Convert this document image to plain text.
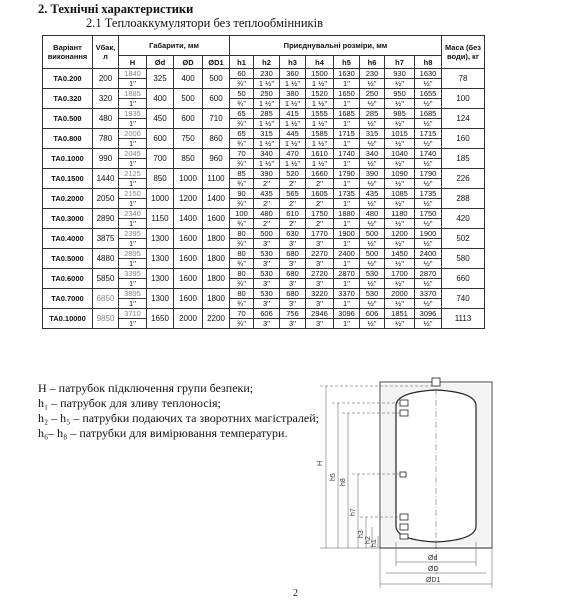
2. Технічні характеристики
2.1 Теплоаккумулятори без теплообмінників
Варіант виконання	Vбак, л	Габарити, мм				Приєднувальні розміри, мм								Маса (без води), кг
		H	Ød	ØD	ØD1	h1	h2	h3	h4	h5	h6	h7	h8	
TA0.200	200	1840	325	400	500	60	230	360	1500	1630	230	930	1630	78
		1''				¾''	1 ½''	1 ½''	1 ½''	1''	½''	½''	½''	
TA0.320	320	1885	400	500	600	50	250	380	1520	1650	250	950	1655	100
		1''				¾''	1 ½''	1 ½''	1 ½''	1''	½''	½''	½''	
TA0.500	480	1935	450	600	710	65	285	415	1555	1685	285	985	1685	124
		1''				¾''	1 ½''	1 ½''	1 ½''	1''	½''	½''	½''	
TA0.800	780	2000	600	750	860	65	315	445	1585	1715	315	1015	1715	160
		1''				¾''	1 ½''	1 ½''	1 ½''	1''	½''	½''	½''	
TA0.1000	990	2045	700	850	960	70	340	470	1610	1740	340	1040	1740	185
		1''				¾''	1 ½''	1 ½''	1 ½''	1''	½''	½''	½''	
TA0.1500	1440	2125	850	1000	1100	85	390	520	1660	1790	390	1090	1790	226
		1''				¾''	2''	2''	2''	1''	½''	½''	½''	
TA0.2000	2050	2150	1000	1200	1400	90	435	565	1605	1735	435	1085	1735	288
		1''				¾''	2''	2''	2''	1''	½''	½''	½''	
TA0.3000	2890	2340	1150	1400	1600	100	480	610	1750	1880	480	1180	1750	420
		1''				¾''	2''	2''	2''	1''	½''	½''	½''	
TA0.4000	3875	2395	1300	1600	1800	80	500	630	1770	1900	500	1200	1900	502
		1''				¾''	3''	3''	3''	1''	½''	½''	½''	
TA0.5000	4880	2895	1300	1600	1800	80	530	680	2270	2400	500	1450	2400	580
		1''				¾''	3''	3''	3''	1''	½''	½''	½''	
TA0.6000	5850	3395	1300	1600	1800	80	530	680	2720	2870	530	1700	2870	660
		1''				¾''	3''	3''	3''	1''	½''	½''	½''	
TA0.7000	6850	3895	1300	1600	1800	80	530	680	3220	3370	530	2000	3370	740
		1''				¾''	3''	3''	3''	1''	½''	½''	½''	
TA0.10000	9850	3710	1650	2000	2200	70	606	756	2946	3096	606	1851	3096	1113
		1''				¾''	3''	3''	3''	1''	½''	½''	½''	
H – патрубок підключення групи безпеки;
h₁ – патрубок для зливу теплоносія;
h₂ – h₅ – патрубки подаючих та зворотних магістралей;
h₆– h₈ – патрубки для вимірювання температури.
H
h5
h8
h7
h3
h2 h1
Ød
ØD
ØD1
2
